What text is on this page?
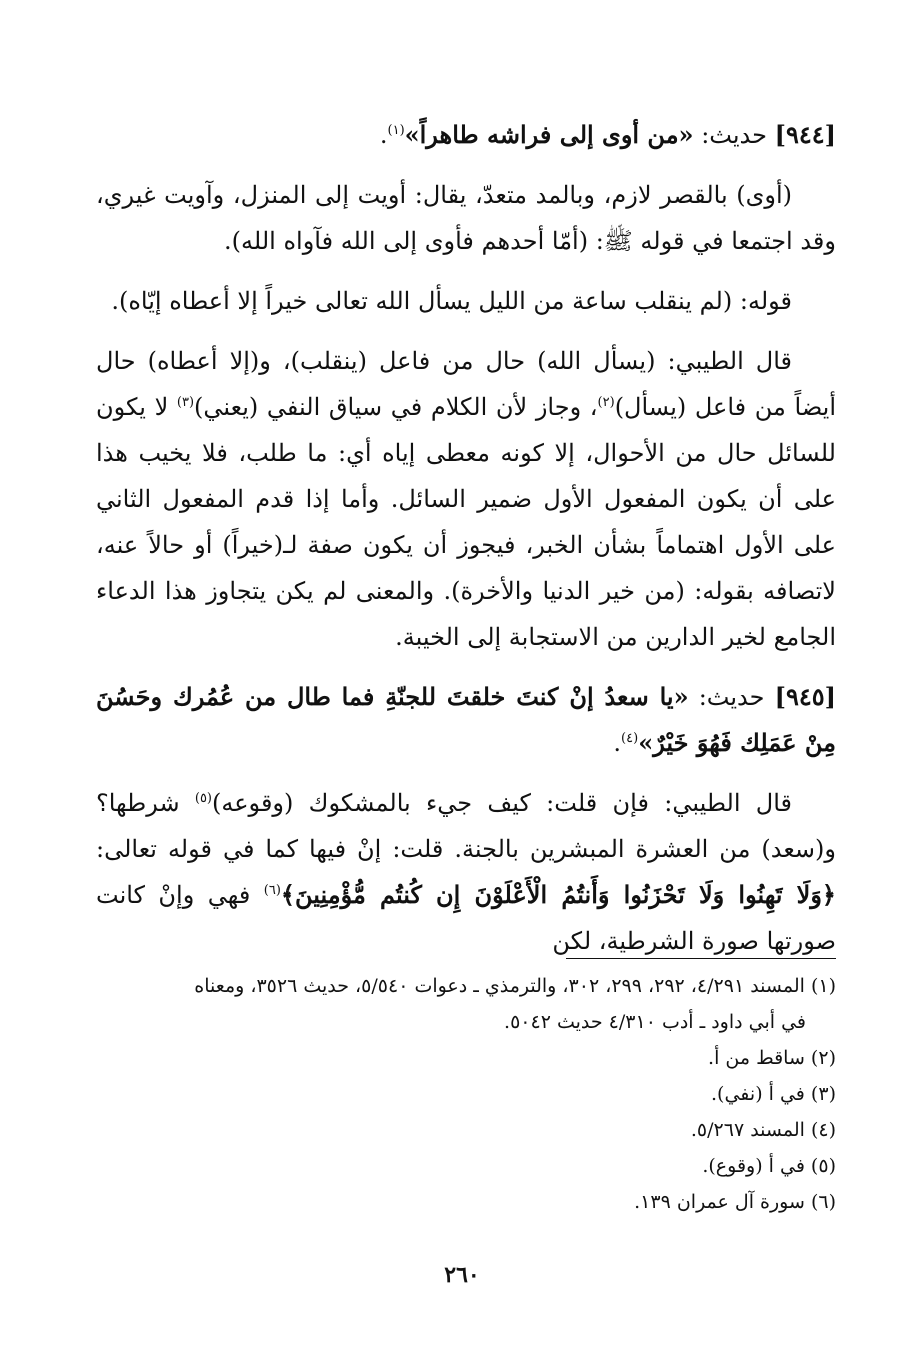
[٩٤٤] حديث: «من أوى إلى فراشه طاهراً»$^{(١)}$.

(أوى) بالقصر لازم، وبالمد متعدّ، يقال: أويت إلى المنزل، وآويت غيري، وقد اجتمعا في قوله ﷺ: (أمّا أحدهم فأوى إلى الله فآواه الله).

قوله: (لم ينقلب ساعة من الليل يسأل الله تعالى خيراً إلا أعطاه إيّاه).

قال الطيبي: (يسأل الله) حال من فاعل (ينقلب)، و(إلا أعطاه) حال أيضاً من فاعل (يسأل)$^{(٢)}$، وجاز لأن الكلام في سياق النفي (يعني)$^{(٣)}$ لا يكون للسائل حال من الأحوال، إلا كونه معطى إياه أي: ما طلب، فلا يخيب هذا على أن يكون المفعول الأول ضمير السائل. وأما إذا قدم المفعول الثاني على الأول اهتماماً بشأن الخبر، فيجوز أن يكون صفة لـ(خيراً) أو حالاً عنه، لاتصافه بقوله: (من خير الدنيا والأخرة). والمعنى لم يكن يتجاوز هذا الدعاء الجامع لخير الدارين من الاستجابة إلى الخيبة.

[٩٤٥] حديث: «يا سعدُ إنْ كنتَ خلقتَ للجنّةِ فما طال من عُمُرك وحَسُنَ مِنْ عَمَلِك فَهُوَ خَيْرٌ»$^{(٤)}$.

قال الطيبي: فإن قلت: كيف جيء بالمشكوك (وقوعه)$^{(٥)}$ شرطها؟ و(سعد) من العشرة المبشرين بالجنة. قلت: إنْ فيها كما في قوله تعالى: ﴿وَلَا تَهِنُوا وَلَا تَحْزَنُوا وَأَنتُمُ الْأَعْلَوْنَ إِن كُنتُم مُّؤْمِنِينَ﴾$^{(٦)}$ فهي وإنْ كانت صورتها صورة الشرطية، لكن

(١) المسند ٤/٢٩١، ٢٩٢، ٢٩٩، ٣٠٢، والترمذي ـ دعوات ٥/٥٤٠، حديث ٣٥٢٦، ومعناه
في أبي داود ـ أدب ٤/٣١٠ حديث ٥٠٤٢.
(٢) ساقط من أ.
(٣) في أ (نفي).
(٤) المسند ٥/٢٦٧.
(٥) في أ (وقوع).
(٦) سورة آل عمران ١٣٩.
٢٦٠
